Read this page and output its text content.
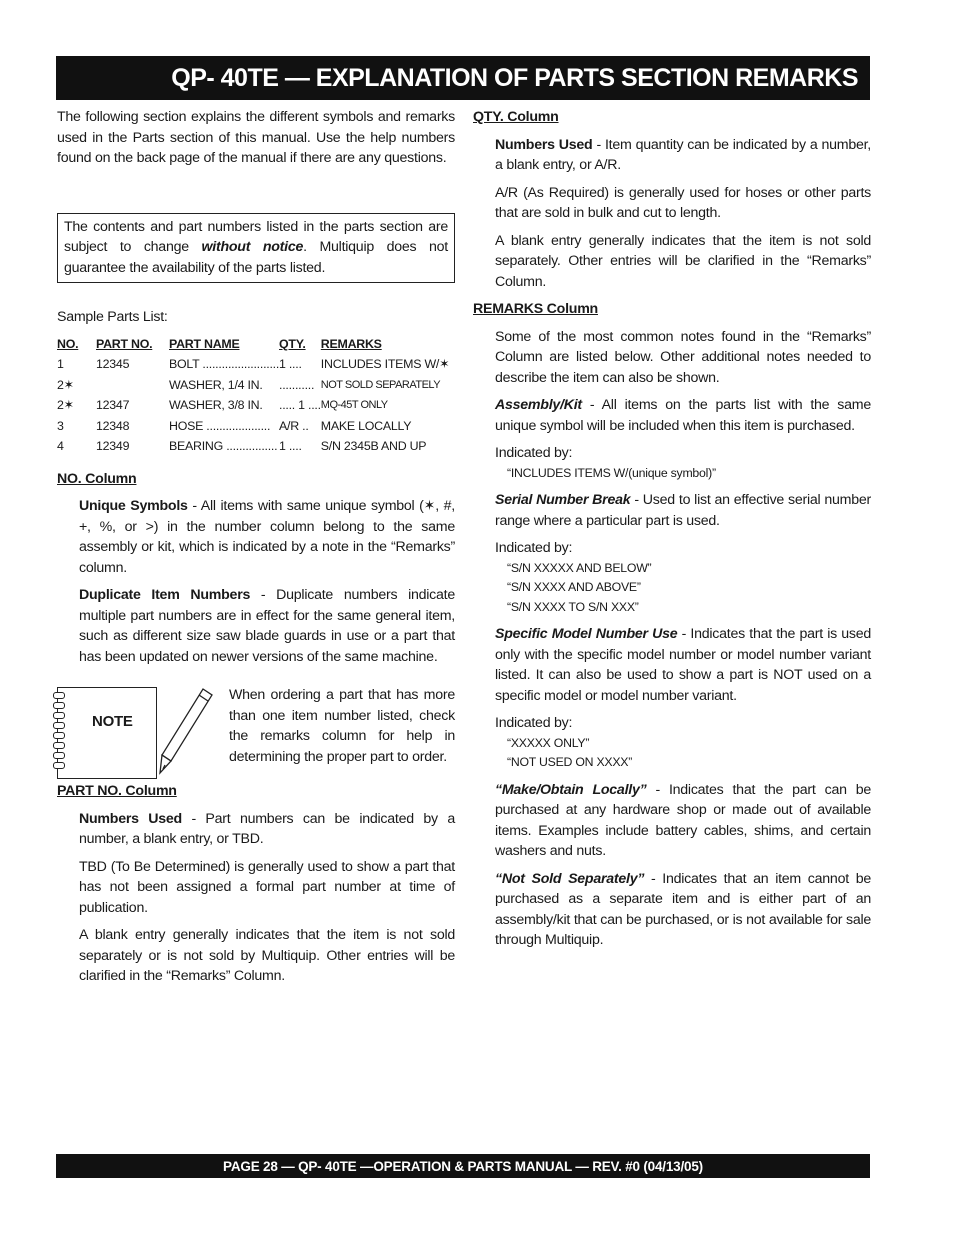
QP- 40TE — EXPLANATION OF PARTS SECTION REMARKS

The following section explains the different symbols and remarks used in the Parts section of this manual. Use the help numbers found on the back page of the manual if there are any questions.

The contents and part numbers listed in the parts section are subject to change without notice. Multiquip does not guarantee the availability of the parts listed.

Sample Parts List:

NO.	PART NO.	PART NAME	QTY.	REMARKS
1	12345	BOLT ........................	1 ....	INCLUDES ITEMS W/✶
2✶		WASHER, 1/4 IN.	...........	NOT SOLD SEPARATELY
2✶	12347	WASHER, 3/8 IN.	..... 1 ....	MQ-45T ONLY
3	12348	HOSE ....................	A/R ..	MAKE LOCALLY
4	12349	BEARING ................	1 ....	S/N 2345B AND UP

NO. Column

Unique Symbols - All items with same unique symbol (✶, #, +, %, or >) in the number column belong to the same assembly or kit, which is indicated by a note in the “Remarks” column.

Duplicate Item Numbers - Duplicate numbers indicate multiple part numbers are in effect for the same general item, such as different size saw blade guards in use or a part that has been updated on newer versions of the same machine.

NOTE

When ordering a part that has more than one item number listed, check the remarks column for help in determining the proper part to order.

PART NO. Column

Numbers Used - Part numbers can be indicated by a number, a blank entry, or TBD.

TBD (To Be Determined) is generally used to show a part that has not been assigned a formal part number at time of publication.

A blank entry generally indicates that the item is not sold separately or is not sold by Multiquip. Other entries will be clarified in the “Remarks” Column.

QTY. Column

Numbers Used - Item quantity can be indicated by a number, a blank entry, or A/R.

A/R (As Required) is generally used for hoses or other parts that are sold in bulk and cut to length.

A blank entry generally indicates that the item is not sold separately. Other entries will be clarified in the “Remarks” Column.

REMARKS Column

Some of the most common notes found in the “Remarks” Column are listed below. Other additional notes needed to describe the item can also be shown.

Assembly/Kit - All items on the parts list with the same unique symbol will be included when this item is purchased.

Indicated by:

“INCLUDES ITEMS W/(unique symbol)”

Serial Number Break - Used to list an effective serial number range where a particular part is used.

Indicated by:

“S/N XXXXX AND BELOW”
“S/N XXXX AND ABOVE”
“S/N XXXX TO S/N XXX”

Specific Model Number Use - Indicates that the part is used only with the specific model number or model number variant listed. It can also be used to show a part is NOT used on a specific model or model number variant.

Indicated by:

“XXXXX ONLY”
“NOT USED ON XXXX”

“Make/Obtain Locally” - Indicates that the part can be purchased at any hardware shop or made out of available items. Examples include battery cables, shims, and certain washers and nuts.

“Not Sold Separately” - Indicates that an item cannot be purchased as a separate item and is either part of an assembly/kit that can be purchased, or is not available for sale through Multiquip.

PAGE 28 — QP- 40TE —OPERATION & PARTS MANUAL — REV. #0 (04/13/05)
